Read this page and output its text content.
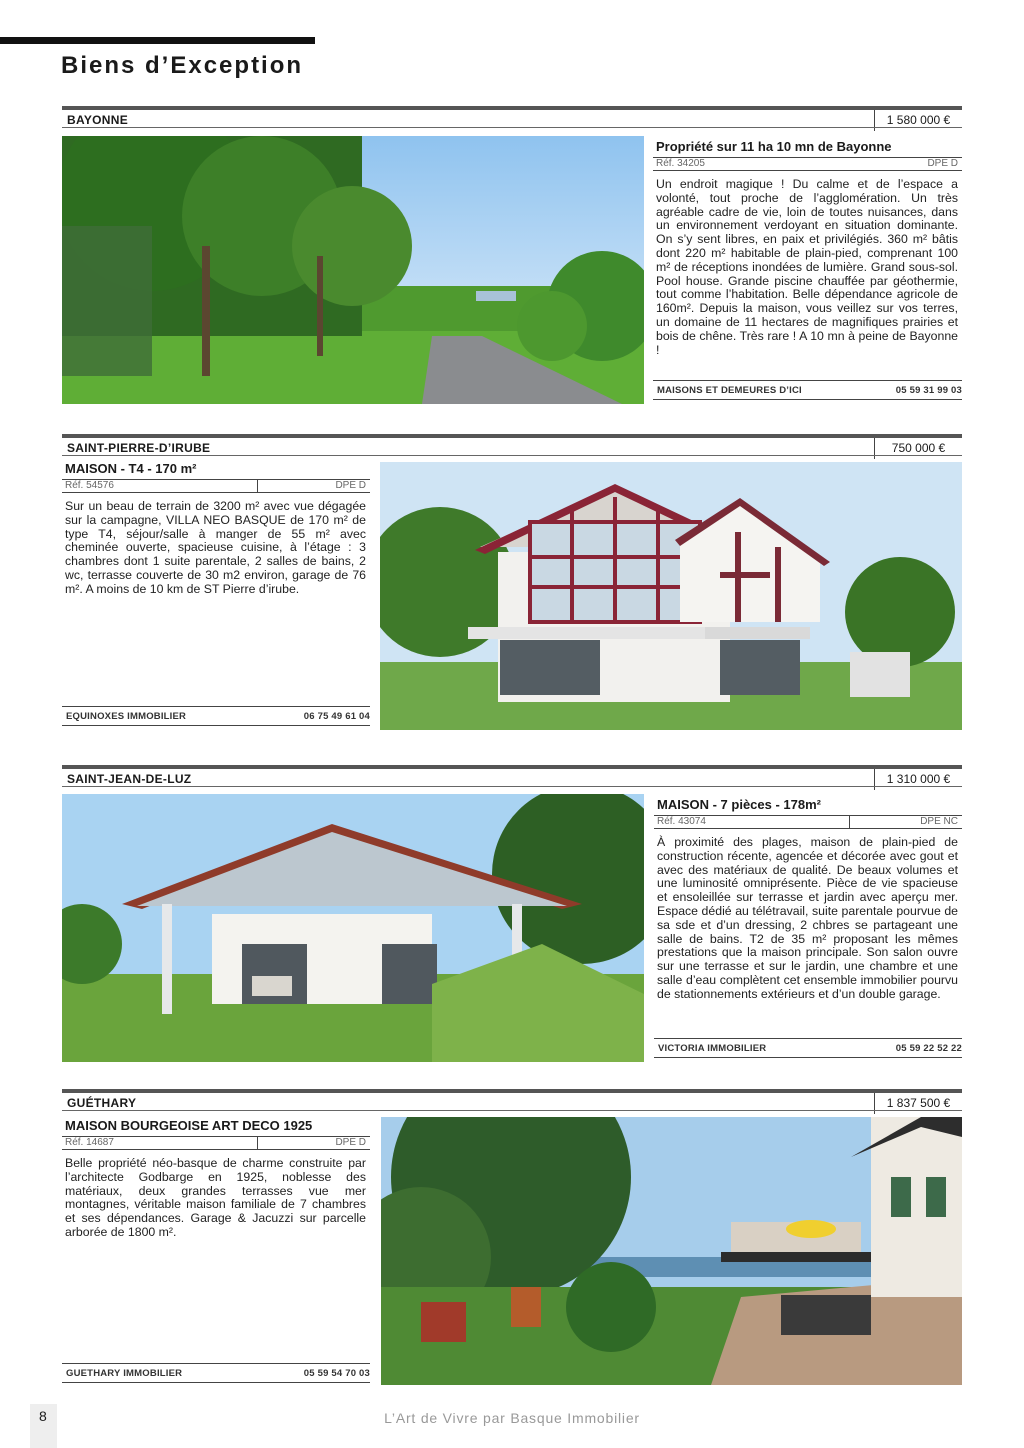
Biens d’Exception
BAYONNE	1 580 000 €
Propriété sur 11 ha 10 mn de Bayonne
Réf. 34205	DPE D

Un endroit magique ! Du calme et de l’espace a volonté, tout proche de l’agglomération. Un très agréable cadre de vie, loin de toutes nuisances, dans un environnement verdoyant en situation dominante. On s’y sent libres, en paix et privilégiés. 360 m² bâtis dont 220 m² habitable de plain-pied, comprenant 100 m² de réceptions inondées de lumière. Grand sous-sol. Pool house. Grande piscine chauffée par géothermie, tout comme l’habitation. Belle dépendance agricole de 160m². Depuis la maison, vous veillez sur vos terres, un domaine de 11 hectares de magnifiques prairies et bois de chêne. Très rare ! A 10 mn à peine de Bayonne !

MAISONS ET DEMEURES D’ICI	05 59 31 99 03
SAINT-PIERRE-D’IRUBE	750 000 €
MAISON - T4 - 170 m²
Réf. 54576	DPE D

Sur un beau de terrain de 3200 m² avec vue dégagée sur la campagne, VILLA NEO BASQUE de 170 m² de type T4, séjour/salle à manger de 55 m² avec cheminée ouverte, spacieuse cuisine, à l’étage : 3 chambres dont 1 suite parentale, 2 salles de bains, 2 wc, terrasse couverte de 30 m2 environ, garage de 76 m². A moins de 10 km de ST Pierre d’irube.

EQUINOXES IMMOBILIER	06 75 49 61 04
SAINT-JEAN-DE-LUZ	1 310 000 €
MAISON - 7 pièces - 178m²
Réf. 43074	DPE NC

À proximité des plages, maison de plain-pied de construction récente, agencée et décorée avec gout et avec des matériaux de qualité. De beaux volumes et une luminosité omniprésente. Pièce de vie spacieuse et ensoleillée sur terrasse et jardin avec aperçu mer. Espace dédié au télétravail, suite parentale pourvue de sa sde et d’un dressing, 2 chbres se partageant une salle de bains. T2 de 35 m² proposant les mêmes prestations que la maison principale. Son salon ouvre sur une terrasse et sur le jardin, une chambre et une salle d’eau complètent cet ensemble immobilier pourvu de stationnements extérieurs et d’un double garage.

VICTORIA IMMOBILIER	05 59 22 52 22
GUÉTHARY	1 837 500 €
MAISON BOURGEOISE ART DECO 1925
Réf. 14687	DPE D

Belle propriété néo-basque de charme construite par l’architecte Godbarge en 1925, noblesse des matériaux, deux grandes terrasses vue mer montagnes, véritable maison familiale de 7 chambres et ses dépendances. Garage & Jacuzzi sur parcelle arborée de 1800 m².

GUETHARY IMMOBILIER	05 59 54 70 03
8	L’Art de Vivre par Basque Immobilier
